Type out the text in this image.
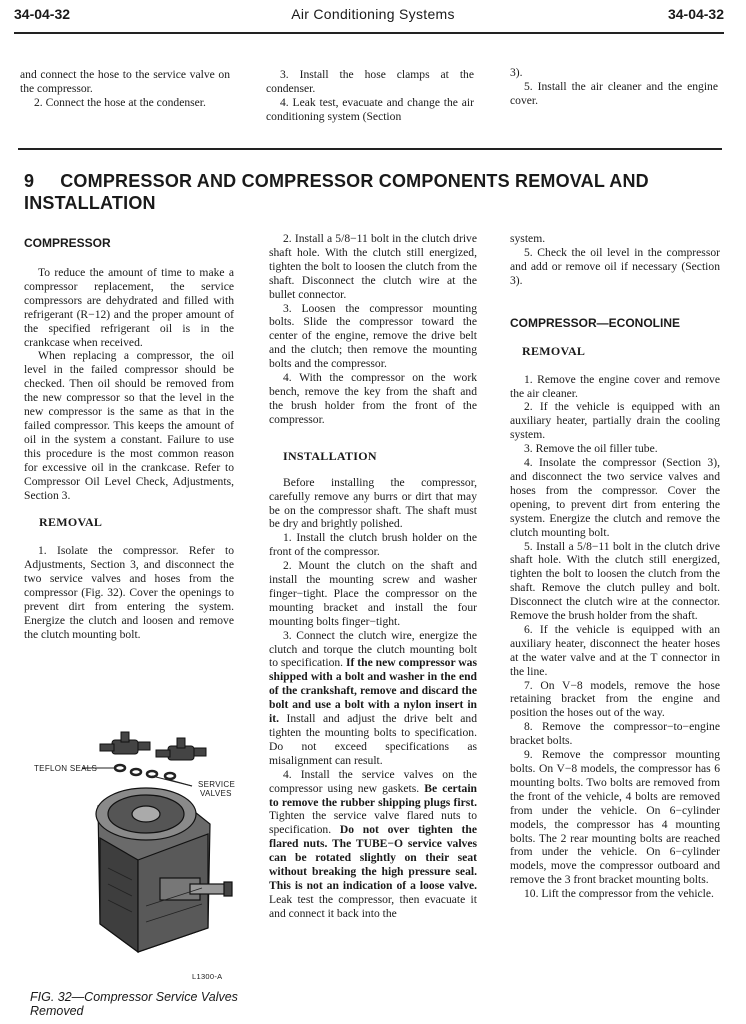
34-04-32	Air Conditioning Systems	34-04-32

and connect the hose to the service valve on the compressor.

2. Connect the hose at the condenser.

3. Install the hose clamps at the condenser.

4. Leak test, evacuate and change the air conditioning system (Section

3).

5. Install the air cleaner and the engine cover.

9 COMPRESSOR AND COMPRESSOR COMPONENTS REMOVAL AND INSTALLATION

COMPRESSOR

To reduce the amount of time to make a compressor replacement, the service compressors are dehydrated and filled with refrigerant (R−12) and the proper amount of the specified refrigerant oil is in the crankcase when received.

When replacing a compressor, the oil level in the failed compressor should be checked. Then oil should be removed from the new compressor so that the level in the new compressor is the same as that in the failed compressor. This keeps the amount of oil in the system a constant. Failure to use this procedure is the most common reason for excessive oil in the crankcase. Refer to Compressor Oil Level Check, Adjustments, Section 3.

REMOVAL

1. Isolate the compressor. Refer to Adjustments, Section 3, and disconnect the two service valves and hoses from the compressor (Fig. 32). Cover the openings to prevent dirt from entering the system. Energize the clutch and loosen and remove the clutch mounting bolt.

TEFLON SEALS
SERVICE
VALVES
L1300-A
FIG. 32—Compressor Service Valves Removed

2. Install a 5/8−11 bolt in the clutch drive shaft hole. With the clutch still energized, tighten the bolt to loosen the clutch from the shaft. Disconnect the clutch wire at the bullet connector.

3. Loosen the compressor mounting bolts. Slide the compressor toward the center of the engine, remove the drive belt and the clutch; then remove the mounting bolts and the compressor.

4. With the compressor on the work bench, remove the key from the shaft and the brush holder from the front of the compressor.

INSTALLATION

Before installing the compressor, carefully remove any burrs or dirt that may be on the compressor shaft. The shaft must be dry and brightly polished.

1. Install the clutch brush holder on the front of the compressor.

2. Mount the clutch on the shaft and install the mounting screw and washer finger−tight. Place the compressor on the mounting bracket and install the four mounting bolts finger−tight.

3. Connect the clutch wire, energize the clutch and torque the clutch mounting bolt to specification. If the new compressor was shipped with a bolt and washer in the end of the crankshaft, remove and discard the bolt and use a bolt with a nylon insert in it. Install and adjust the drive belt and tighten the mounting bolts to specification. Do not exceed specifications as misalignment can result.

4. Install the service valves on the compressor using new gaskets. Be certain to remove the rubber shipping plugs first. Tighten the service valve flared nuts to specification. Do not over tighten the flared nuts. The TUBE−O service valves can be rotated slightly on their seat without breaking the high pressure seal. This is not an indication of a loose valve. Leak test the compressor, then evacuate it and connect it back into the

system.

5. Check the oil level in the compressor and add or remove oil if necessary (Section 3).

COMPRESSOR—ECONOLINE

REMOVAL

1. Remove the engine cover and remove the air cleaner.

2. If the vehicle is equipped with an auxiliary heater, partially drain the cooling system.

3. Remove the oil filler tube.

4. Insolate the compressor (Section 3), and disconnect the two service valves and hoses from the compressor. Cover the opening, to prevent dirt from entering the system. Energize the clutch and remove the clutch mounting bolt.

5. Install a 5/8−11 bolt in the clutch drive shaft hole. With the clutch still energized, tighten the bolt to loosen the clutch from the shaft. Remove the clutch pulley and bolt. Disconnect the clutch wire at the connector. Remove the brush holder from the shaft.

6. If the vehicle is equipped with an auxiliary heater, disconnect the heater hoses at the water valve and at the T connector in the line.

7. On V−8 models, remove the hose retaining bracket from the engine and position the hoses out of the way.

8. Remove the compressor−to−engine bracket bolts.

9. Remove the compressor mounting bolts. On V−8 models, the compressor has 6 mounting bolts. Two bolts are removed from the front of the vehicle, 4 bolts are removed from under the vehicle. On 6−cylinder models, the compressor has 4 mounting bolts. The 2 rear mounting bolts are reached from under the vehicle. On 6−cylinder models, move the compressor outboard and remove the 3 front bracket mounting bolts.

10. Lift the compressor from the vehicle.
